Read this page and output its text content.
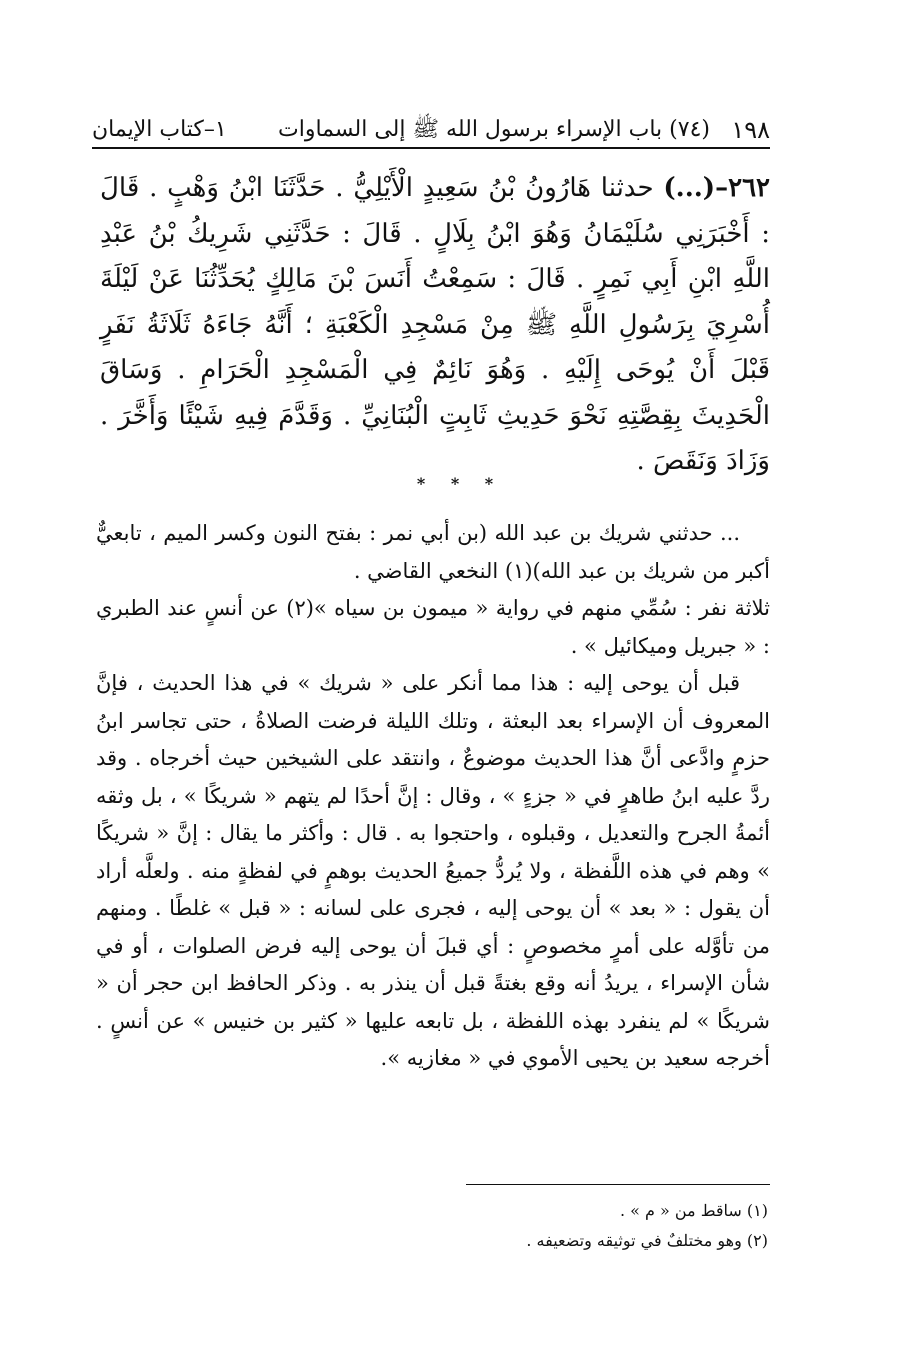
١٩٨
(٧٤) باب الإسراء برسول الله ﷺ إلى السماوات
١–كتاب الإيمان
٢٦٢–(...) حدثنا هَارُونُ بْنُ سَعِيدٍ الْأَيْلِيُّ . حَدَّثَنَا ابْنُ وَهْبٍ . قَالَ : أَخْبَرَنِي سُلَيْمَانُ وَهُوَ ابْنُ بِلَالٍ . قَالَ : حَدَّثَنِي شَرِيكُ بْنُ عَبْدِ اللَّهِ ابْنِ أَبِي نَمِرٍ . قَالَ : سَمِعْتُ أَنَسَ بْنَ مَالِكٍ يُحَدِّثُنَا عَنْ لَيْلَةَ أُسْرِيَ بِرَسُولِ اللَّهِ ﷺ مِنْ مَسْجِدِ الْكَعْبَةِ ؛ أَنَّهُ جَاءَهُ ثَلَاثَةُ نَفَرٍ قَبْلَ أَنْ يُوحَى إِلَيْهِ . وَهُوَ نَائِمٌ فِي الْمَسْجِدِ الْحَرَامِ . وَسَاقَ الْحَدِيثَ بِقِصَّتِهِ نَحْوَ حَدِيثِ ثَابِتٍ الْبُنَانِيِّ . وَقَدَّمَ فِيهِ شَيْئًا وَأَخَّرَ . وَزَادَ وَنَقَصَ .
* * *

... حدثني شريك بن عبد الله (بن أبي نمر : بفتح النون وكسر الميم ، تابعيٌّ أكبر من شريك بن عبد الله)(١) النخعي القاضي .

ثلاثة نفر : سُمِّي منهم في رواية « ميمون بن سياه »(٢) عن أنسٍ عند الطبري : « جبريل وميكائيل » .

قبل أن يوحى إليه : هذا مما أنكر على « شريك » في هذا الحديث ، فإنَّ المعروف أن الإسراء بعد البعثة ، وتلك الليلة فرضت الصلاةُ ، حتى تجاسر ابنُ حزمٍ وادَّعى أنَّ هذا الحديث موضوعٌ ، وانتقد على الشيخين حيث أخرجاه . وقد ردَّ عليه ابنُ طاهرٍ في « جزءٍ » ، وقال : إنَّ أحدًا لم يتهم « شريكًا » ، بل وثقه أئمةُ الجرح والتعديل ، وقبلوه ، واحتجوا به . قال : وأكثر ما يقال : إنَّ « شريكًا » وهم في هذه اللَّفظة ، ولا يُردُّ جميعُ الحديث بوهمٍ في لفظةٍ منه . ولعلَّه أراد أن يقول : « بعد » أن يوحى إليه ، فجرى على لسانه : « قبل » غلطًا . ومنهم من تأوَّله على أمرٍ مخصوصٍ : أي قبلَ أن يوحى إليه فرض الصلوات ، أو في شأن الإسراء ، يريدُ أنه وقع بغتةً قبل أن ينذر به . وذكر الحافظ ابن حجر أن « شريكًا » لم ينفرد بهذه اللفظة ، بل تابعه عليها « كثير بن خنيس » عن أنسٍ . أخرجه سعيد بن يحيى الأموي في « مغازيه ».

(١) ساقط من « م » .
(٢) وهو مختلفٌ في توثيقه وتضعيفه .
